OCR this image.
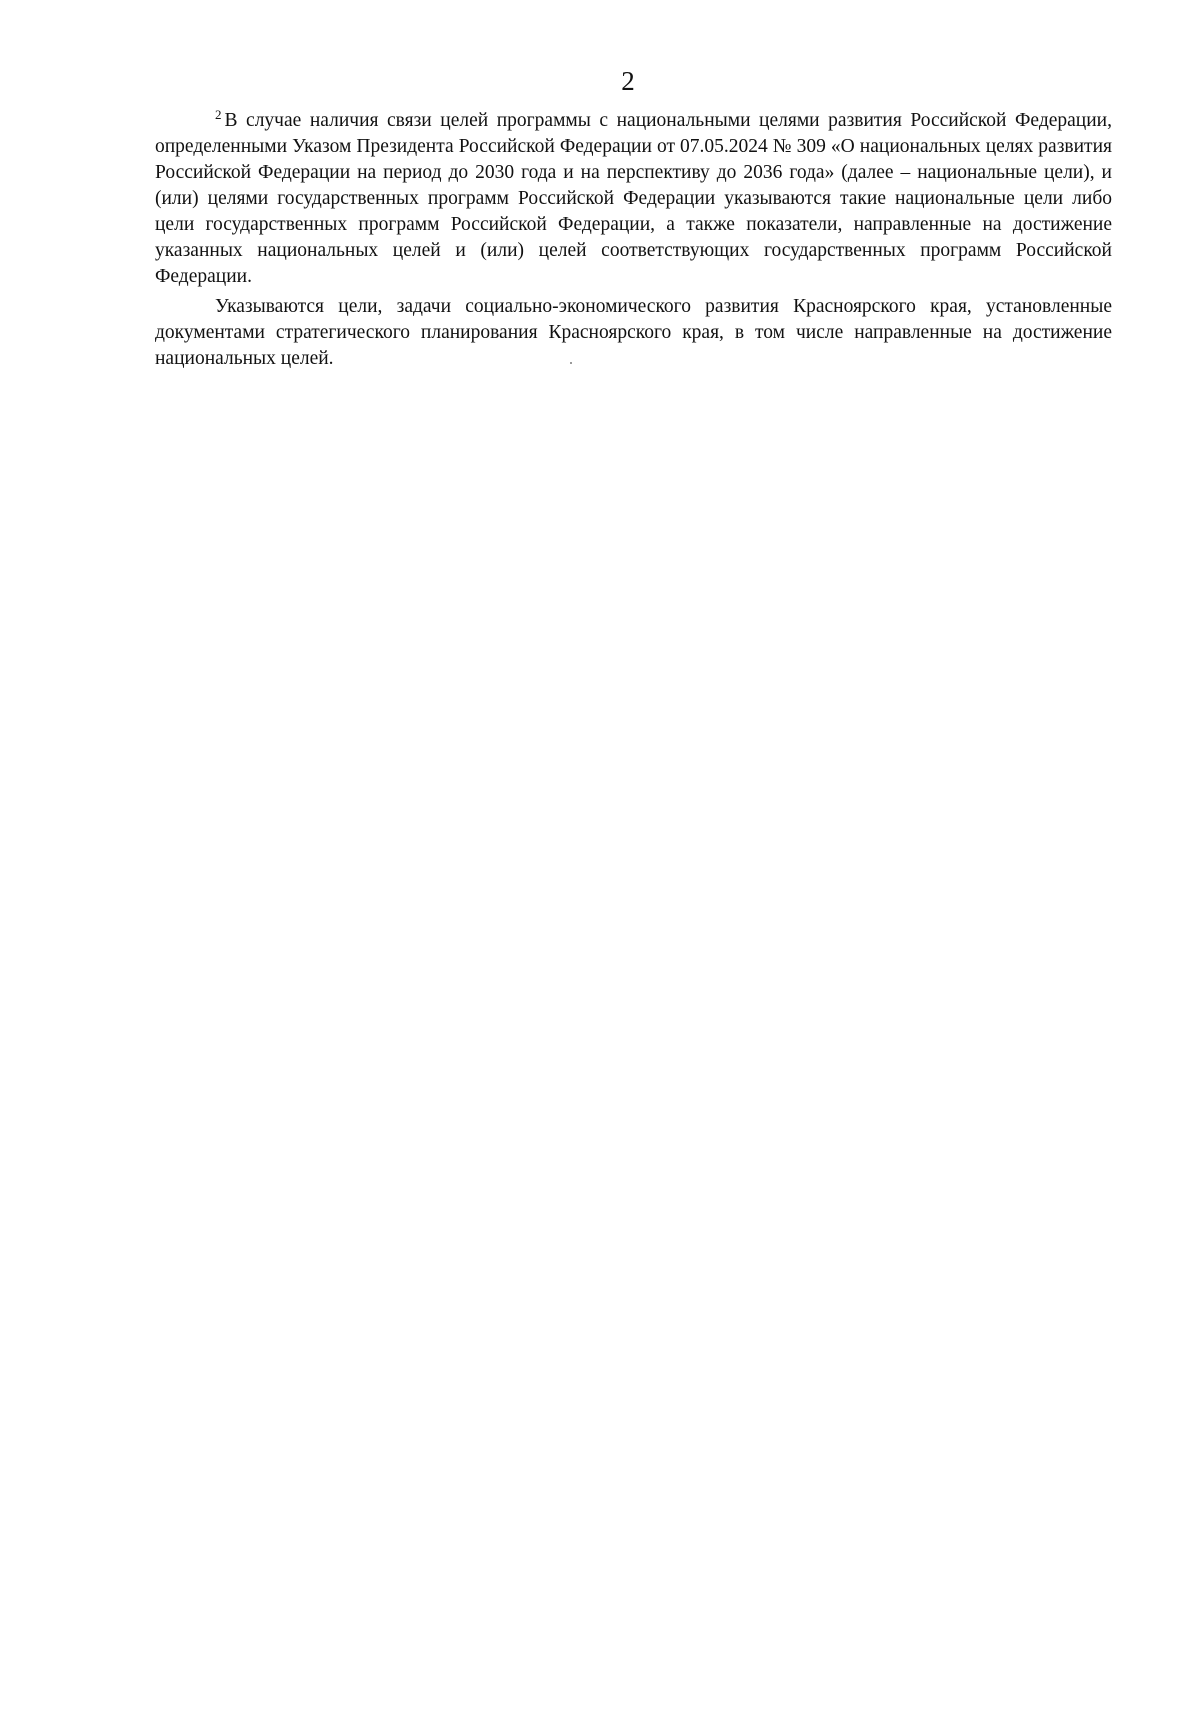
2

$^2$ В случае наличия связи целей программы с национальными целями развития Российской Федерации, определенными Указом Президента Российской Федерации от 07.05.2024 № 309 «О национальных целях развития Российской Федерации на период до 2030 года и на перспективу до 2036 года» (далее – национальные цели), и (или) целями государственных программ Российской Федерации указываются такие национальные цели либо цели государственных программ Российской Федерации, а также показатели, направленные на достижение указанных национальных целей и (или) целей соответствующих государственных программ Российской Федерации.

Указываются цели, задачи социально-экономического развития Красноярского края, установленные документами стратегического планирования Красноярского края, в том числе направленные на достижение национальных целей.
